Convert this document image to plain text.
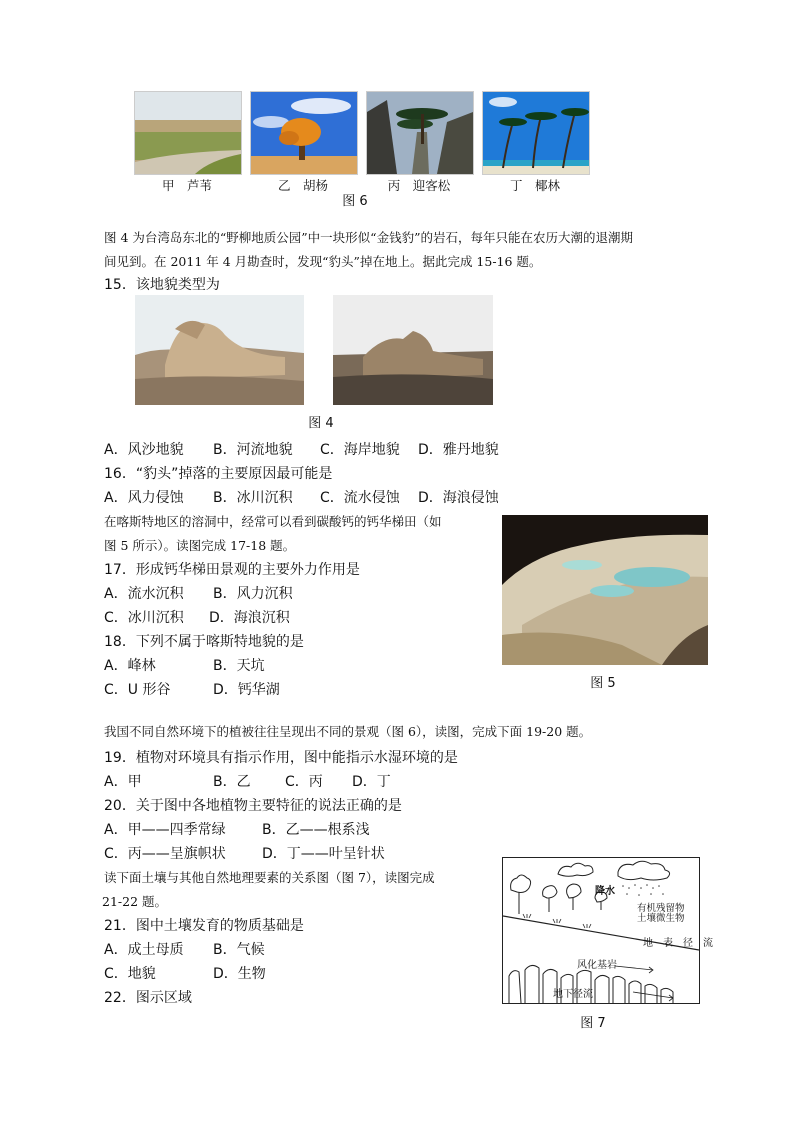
甲　芦苇	乙　胡杨	丙　迎客松	丁　椰林
图 6
图 4 为台湾岛东北的“野柳地质公园”中一块形似“金钱豹”的岩石，每年只能在农历大潮的退潮期
间见到。在 2011 年 4 月勘查时，发现“豹头”掉在地上。据此完成 15-16 题。
15．该地貌类型为
图 4
A．风沙地貌 B．河流地貌 C．海岸地貌 D．雅丹地貌
16．“豹头”掉落的主要原因最可能是
A．风力侵蚀 B．冰川沉积 C．流水侵蚀 D．海浪侵蚀
在喀斯特地区的溶洞中，经常可以看到碳酸钙的钙华梯田（如
图 5 所示）。读图完成 17-18 题。
图 5
17．形成钙华梯田景观的主要外力作用是
A．流水沉积 B．风力沉积
C．冰川沉积 D．海浪沉积
18．下列不属于喀斯特地貌的是
A．峰林	B．天坑
C．U 形谷	D．钙华湖
我国不同自然环境下的植被往往呈现出不同的景观（图 6），读图，完成下面 19-20 题。
19．植物对环境具有指示作用，图中能指示水湿环境的是
A．甲	B．乙 C．丙 D．丁
20．关于图中各地植物主要特征的说法正确的是
A．甲——四季常绿	B．乙——根系浅
C．丙——呈旗帜状	D．丁——叶呈针状
读下面土壤与其他自然地理要素的关系图（图 7），读图完成
21-22 题。
21．图中土壤发育的物质基础是
A．成土母质 B．气候
C．地貌	D．生物
22．图示区域
降水
有机残留物
土壤微生物
地　表　径　流
风化基岩
地下径流
图 7
